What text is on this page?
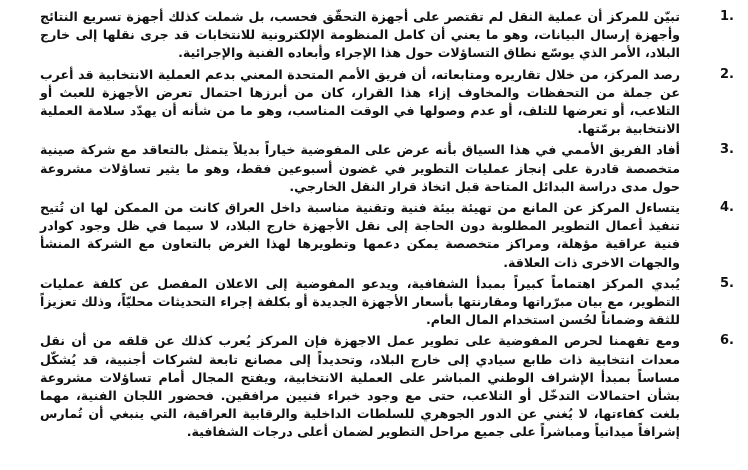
1.
تبيّن للمركز أن عملية النقل لم تقتصر على أجهزة التحقّق فحسب، بل شملت كذلك أجهزة تسريع النتائج وأجهزة إرسال البيانات، وهو ما يعني أن كامل المنظومة الإلكترونية للانتخابات قد جرى نقلها إلى خارج البلاد، الأمر الذي يوسّع نطاق التساؤلات حول هذا الإجراء وأبعاده الفنية والإجرائية.
2.
رصد المركز، من خلال تقاريره ومتابعاته، أن فريق الأمم المتحدة المعني بدعم العملية الانتخابية قد أعرب عن جملة من التحفظات والمخاوف إزاء هذا القرار، كان من أبرزها احتمال تعرض الأجهزة للعبث أو التلاعب، أو تعرضها للتلف، أو عدم وصولها في الوقت المناسب، وهو ما من شأنه أن يهدّد سلامة العملية الانتخابية برمّتها.
3.
أفاد الفريق الأممي في هذا السياق بأنه عرض على المفوضية خياراً بديلاً يتمثل بالتعاقد مع شركة صينية متخصصة قادرة على إنجاز عمليات التطوير في غضون أسبوعين فقط، وهو ما يثير تساؤلات مشروعة حول مدى دراسة البدائل المتاحة قبل اتخاذ قرار النقل الخارجي.
4.
يتساءل المركز عن المانع من تهيئة بيئة فنية وتقنية مناسبة داخل العراق كانت من الممكن لها ان تُتيح تنفيذ أعمال التطوير المطلوبة دون الحاجة إلى نقل الأجهزة خارج البلاد، لا سيما في ظل وجود كوادر فنية عراقية مؤهلة، ومراكز متخصصة يمكن دعمها وتطويرها لهذا الغرض بالتعاون مع الشركة المنشأ والجهات الاخرى ذات العلاقة.
5.
يُبدي المركز اهتماماً كبيراً بمبدأ الشفافية، ويدعو المفوضية إلى الاعلان المفصل عن كلفة عمليات التطوير، مع بيان مبرّراتها ومقارنتها بأسعار الأجهزة الجديدة أو بكلفة إجراء التحديثات محليّاً، وذلك تعزيزاً للثقة وضماناً لحُسن استخدام المال العام.
6.
ومع تفهمنا لحرص المفوضية على تطوير عمل الاجهزة فإن المركز يُعرب كذلك عن قلقه من أن نقل معدات انتخابية ذات طابع سيادي إلى خارج البلاد، وتحديداً إلى مصانع تابعة لشركات أجنبية، قد يُشكّل مساساً بمبدأ الإشراف الوطني المباشر على العملية الانتخابية، ويفتح المجال أمام تساؤلات مشروعة بشأن احتمالات التدخّل أو التلاعب، حتى مع وجود خبراء فنيين مرافقين. فحضور اللجان الفنية، مهما بلغت كفاءتها، لا يُغني عن الدور الجوهري للسلطات الداخلية والرقابية العراقية، التي ينبغي أن تُمارس إشرافاً ميدانياً ومباشراً على جميع مراحل التطوير لضمان أعلى درجات الشفافية.
